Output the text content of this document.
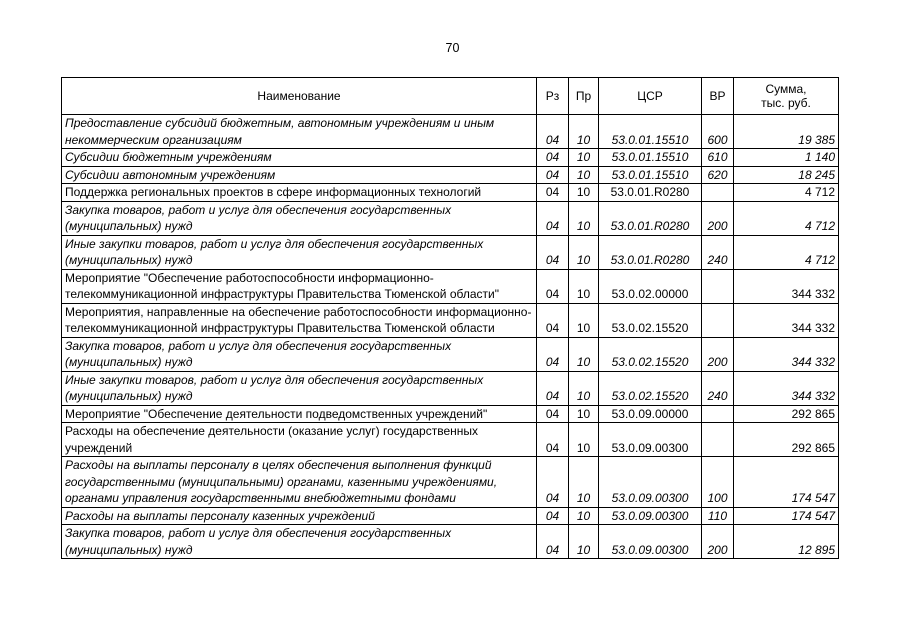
70
Наименование	Рз	Пр	ЦСР	ВР	Сумма,
тыс. руб.

Предоставление субсидий бюджетным, автономным учреждениям и иным некоммерческим организациям	04	10	53.0.01.15510	600	19 385
Субсидии бюджетным учреждениям	04	10	53.0.01.15510	610	1 140
Субсидии автономным учреждениям	04	10	53.0.01.15510	620	18 245
Поддержка региональных проектов в сфере информационных технологий	04	10	53.0.01.R0280		4 712
Закупка товаров, работ и услуг для обеспечения государственных (муниципальных) нужд	04	10	53.0.01.R0280	200	4 712
Иные закупки товаров, работ и услуг для обеспечения государственных (муниципальных) нужд	04	10	53.0.01.R0280	240	4 712
Мероприятие "Обеспечение работоспособности информационно-телекоммуникационной инфраструктуры Правительства Тюменской области"	04	10	53.0.02.00000		344 332
Мероприятия, направленные на обеспечение работоспособности информационно-телекоммуникационной инфраструктуры Правительства Тюменской области	04	10	53.0.02.15520		344 332
Закупка товаров, работ и услуг для обеспечения государственных (муниципальных) нужд	04	10	53.0.02.15520	200	344 332
Иные закупки товаров, работ и услуг для обеспечения государственных (муниципальных) нужд	04	10	53.0.02.15520	240	344 332
Мероприятие "Обеспечение деятельности подведомственных учреждений"	04	10	53.0.09.00000		292 865
Расходы на обеспечение деятельности (оказание услуг) государственных учреждений	04	10	53.0.09.00300		292 865
Расходы на выплаты персоналу в целях обеспечения выполнения функций государственными (муниципальными) органами, казенными учреждениями, органами управления государственными внебюджетными фондами	04	10	53.0.09.00300	100	174 547
Расходы на выплаты персоналу казенных учреждений	04	10	53.0.09.00300	110	174 547
Закупка товаров, работ и услуг для обеспечения государственных (муниципальных) нужд	04	10	53.0.09.00300	200	12 895
